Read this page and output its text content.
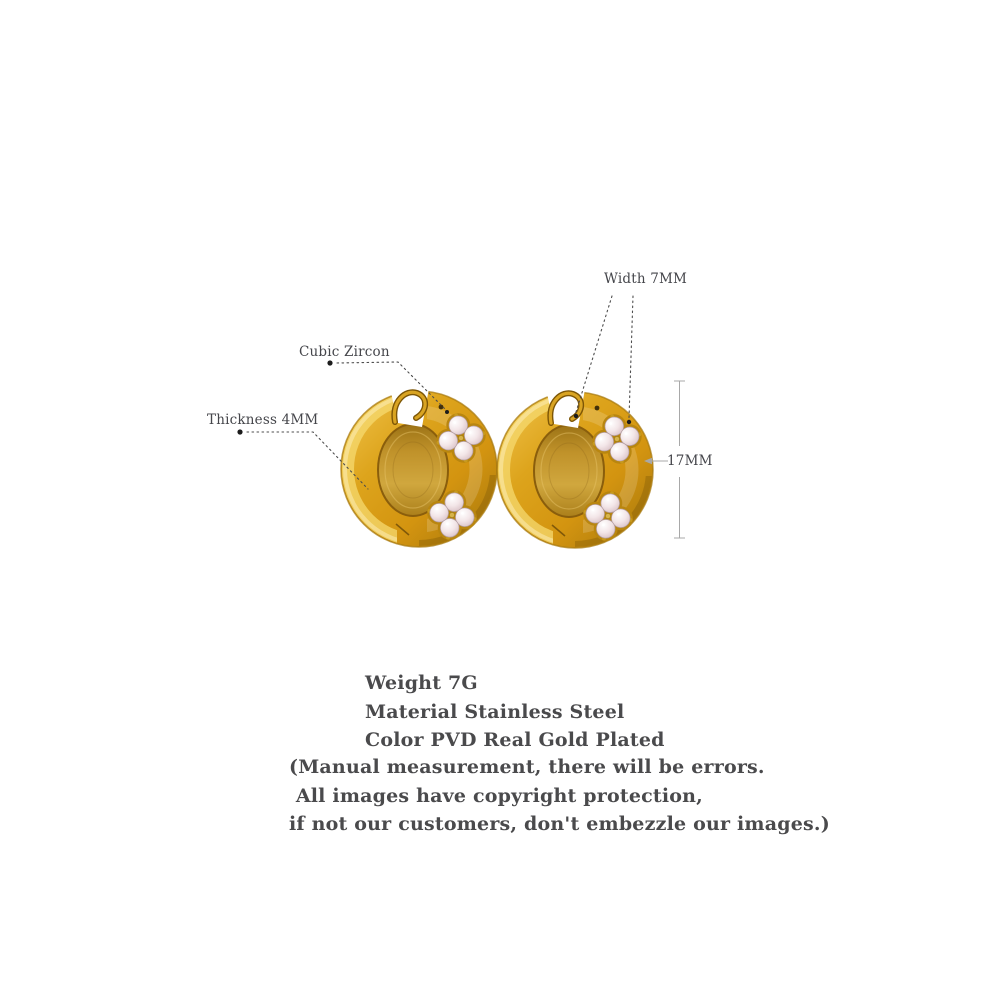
Width 7MM
Cubic Zircon
Thickness 4MM
17MM
Weight 7G
Material Stainless Steel
Color PVD Real Gold Plated
(Manual measurement, there will be errors.
All images have copyright protection,
if not our customers, don't embezzle our images.)
